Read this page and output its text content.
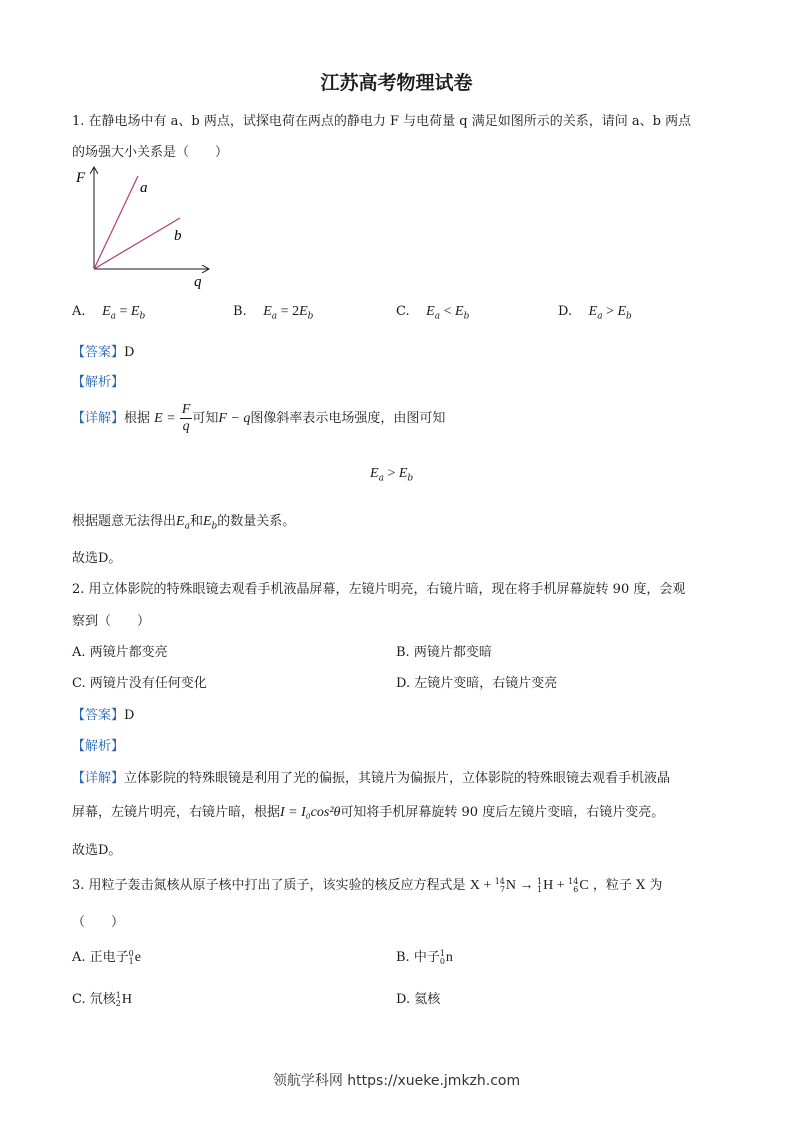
江苏高考物理试卷
1. 在静电场中有 a、b 两点，试探电荷在两点的静电力 F 与电荷量 q 满足如图所示的关系，请问 a、b 两点
的场强大小关系是（　　）
F
q
a
b
A. $E_a = E_b$	B. $E_a = 2E_b$	C. $E_a < E_b$	D. $E_a > E_b$
【答案】D
【解析】
【详解】根据 $E = \frac{F}{q}$ 可知F − q图像斜率表示电场强度，由图可知
$E_a > E_b$
根据题意无法得出$E_a$和$E_b$的数量关系。
故选D。
2. 用立体影院的特殊眼镜去观看手机液晶屏幕，左镜片明亮，右镜片暗，现在将手机屏幕旋转 90 度，会观
察到（　　）
A. 两镜片都变亮	B. 两镜片都变暗
C. 两镜片没有任何变化	D. 左镜片变暗，右镜片变亮
【答案】D
【解析】
【详解】立体影院的特殊眼镜是利用了光的偏振，其镜片为偏振片，立体影院的特殊眼镜去观看手机液晶
屏幕，左镜片明亮，右镜片暗，根据I = I₀cos²θ可知将手机屏幕旋转 90 度后左镜片变暗，右镜片变亮。
故选D。
3. 用粒子轰击氮核从原子核中打出了质子，该实验的核反应方程式是 X + 14
7N → 1
1H + 14
6C ，粒子 X 为
（　　）
A. 正电子0
1e	B. 中子1
0n
C. 氘核1
2H	D. 氦核
领航学科网 https://xueke.jmkzh.com
